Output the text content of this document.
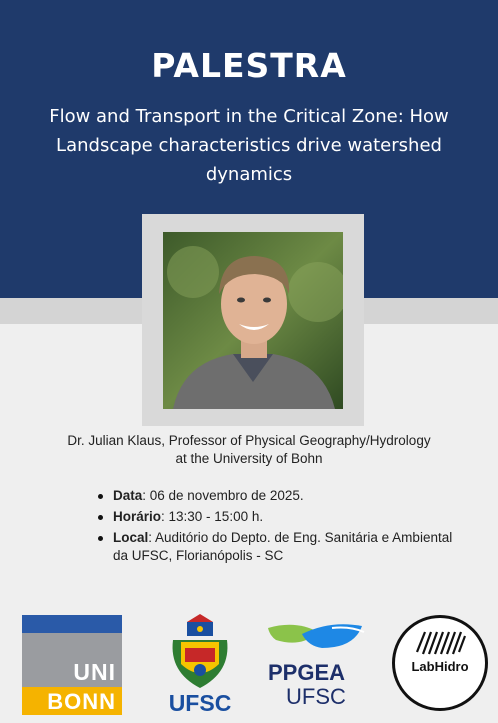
PALESTRA

Flow and Transport in the Critical Zone: How Landscape characteristics drive watershed dynamics

Dr. Julian Klaus, Professor of Physical Geography/Hydrology
at the University of Bohn
Data: 06 de novembro de 2025.
Horário: 13:30 - 15:00 h.
Local: Auditório do Depto. de Eng. Sanitária e Ambiental da UFSC, Florianópolis - SC
UNI
BONN UFSC
PPGEA
UFSC
LabHidro
